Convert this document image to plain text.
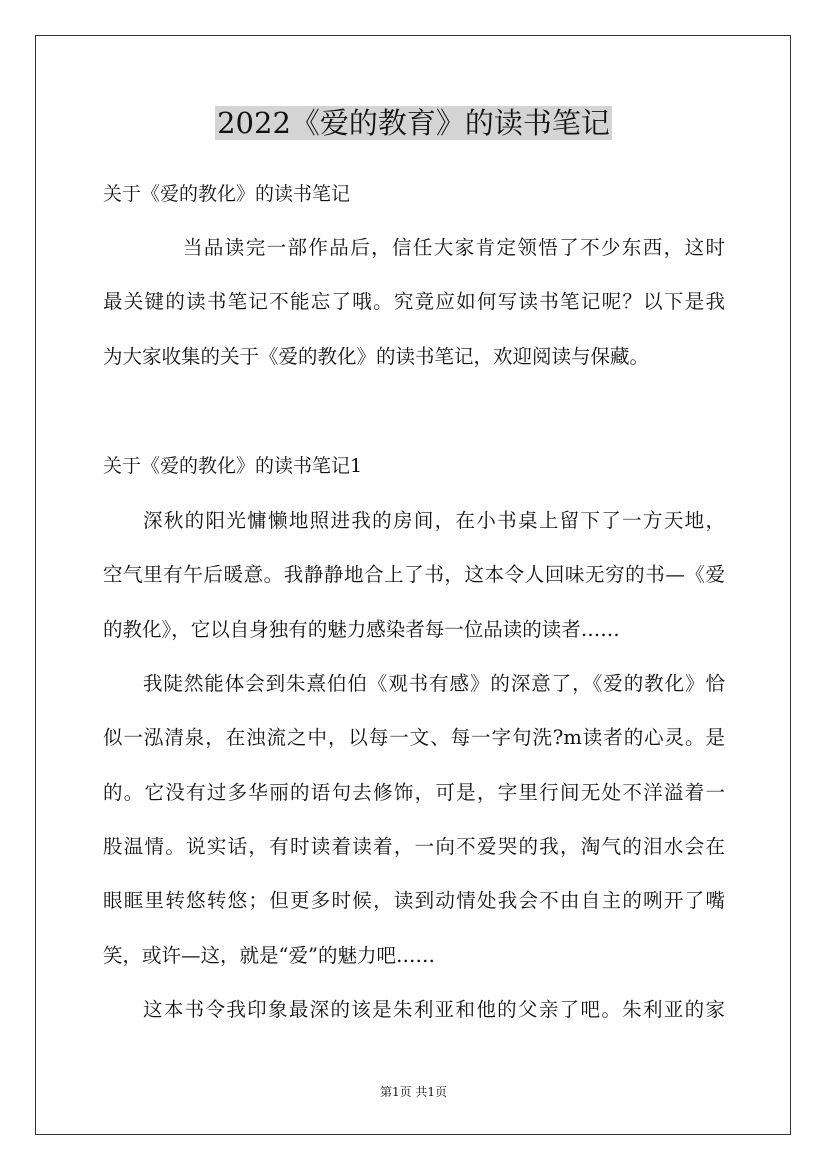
2022《爱的教育》的读书笔记
关于《爱的教化》的读书笔记
当品读完一部作品后，信任大家肯定领悟了不少东西，这时
最关键的读书笔记不能忘了哦。究竟应如何写读书笔记呢？以下是我
为大家收集的关于《爱的教化》的读书笔记，欢迎阅读与保藏。
关于《爱的教化》的读书笔记1
深秋的阳光慵懒地照进我的房间，在小书桌上留下了一方天地，
空气里有午后暖意。我静静地合上了书，这本令人回味无穷的书—《爱
的教化》，它以自身独有的魅力感染者每一位品读的读者……
我陡然能体会到朱熹伯伯《观书有感》的深意了，《爱的教化》恰
似一泓清泉，在浊流之中，以每一文、每一字句洗?m读者的心灵。是
的。它没有过多华丽的语句去修饰，可是，字里行间无处不洋溢着一
股温情。说实话，有时读着读着，一向不爱哭的我，淘气的泪水会在
眼眶里转悠转悠；但更多时候，读到动情处我会不由自主的咧开了嘴
笑，或许—这，就是“爱”的魅力吧……
这本书令我印象最深的该是朱利亚和他的父亲了吧。朱利亚的家
第1页 共1页
